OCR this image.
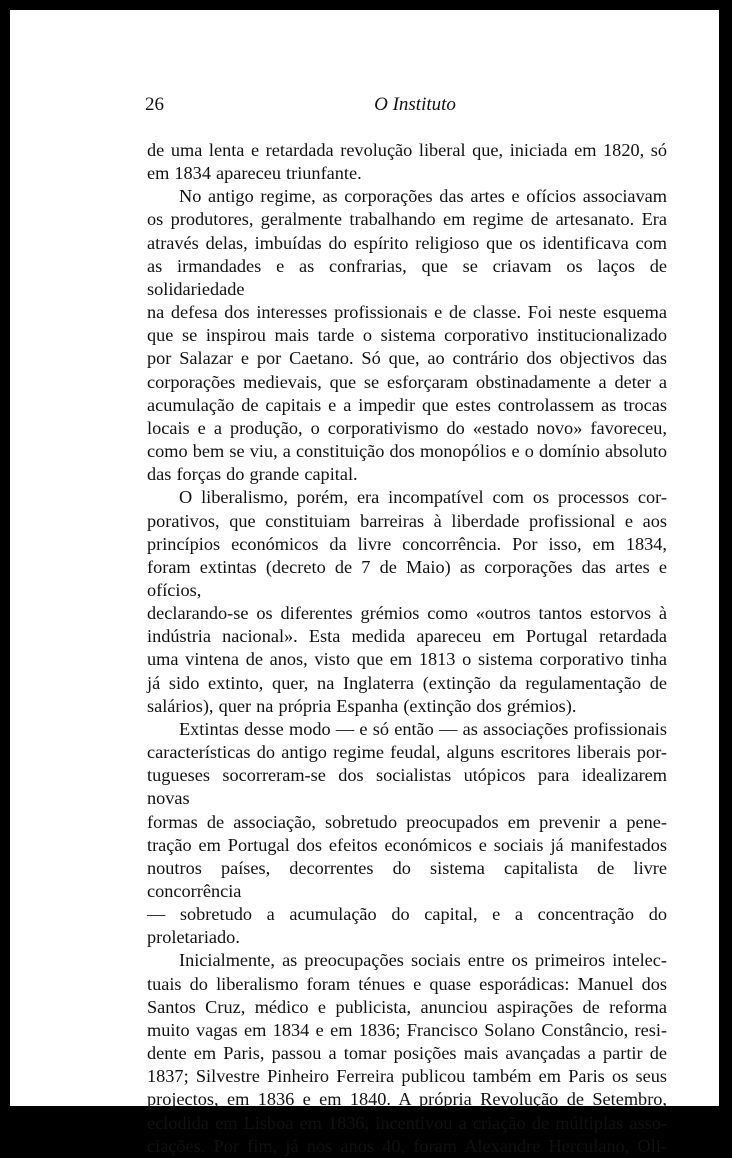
26	O Instituto

de uma lenta e retardada revolução liberal que, iniciada em 1820, só

em 1834 apareceu triunfante.

No antigo regime, as corporações das artes e ofícios associavam

os produtores, geralmente trabalhando em regime de artesanato. Era

através delas, imbuídas do espírito religioso que os identificava com

as irmandades e as confrarias, que se criavam os laços de solidariedade

na defesa dos interesses profissionais e de classe. Foi neste esquema

que se inspirou mais tarde o sistema corporativo institucionalizado

por Salazar e por Caetano. Só que, ao contrário dos objectivos das

corporações medievais, que se esforçaram obstinadamente a deter a

acumulação de capitais e a impedir que estes controlassem as trocas

locais e a produção, o corporativismo do «estado novo» favoreceu,

como bem se viu, a constituição dos monopólios e o domínio absoluto

das forças do grande capital.

O liberalismo, porém, era incompatível com os processos cor-

porativos, que constituiam barreiras à liberdade profissional e aos

princípios económicos da livre concorrência. Por isso, em 1834,

foram extintas (decreto de 7 de Maio) as corporações das artes e ofícios,

declarando-se os diferentes grémios como «outros tantos estorvos à

indústria nacional». Esta medida apareceu em Portugal retardada

uma vintena de anos, visto que em 1813 o sistema corporativo tinha

já sido extinto, quer, na Inglaterra (extinção da regulamentação de

salários), quer na própria Espanha (extinção dos grémios).

Extintas desse modo — e só então — as associações profissionais

características do antigo regime feudal, alguns escritores liberais por-

tugueses socorreram-se dos socialistas utópicos para idealizarem novas

formas de associação, sobretudo preocupados em prevenir a pene-

tração em Portugal dos efeitos económicos e sociais já manifestados

noutros países, decorrentes do sistema capitalista de livre concorrência

— sobretudo a acumulação do capital, e a concentração do proletariado.

Inicialmente, as preocupações sociais entre os primeiros intelec-

tuais do liberalismo foram ténues e quase esporádicas: Manuel dos

Santos Cruz, médico e publicista, anunciou aspirações de reforma

muito vagas em 1834 e em 1836; Francisco Solano Constâncio, resi-

dente em Paris, passou a tomar posições mais avançadas a partir de

1837; Silvestre Pinheiro Ferreira publicou também em Paris os seus

projectos, em 1836 e em 1840. A própria Revolução de Setembro,

eclodida em Lisboa em 1836, incentivou a criação de múltiplas asso-

ciações. Por fim, já nos anos 40, foram Alexandre Herculano, Oli-
